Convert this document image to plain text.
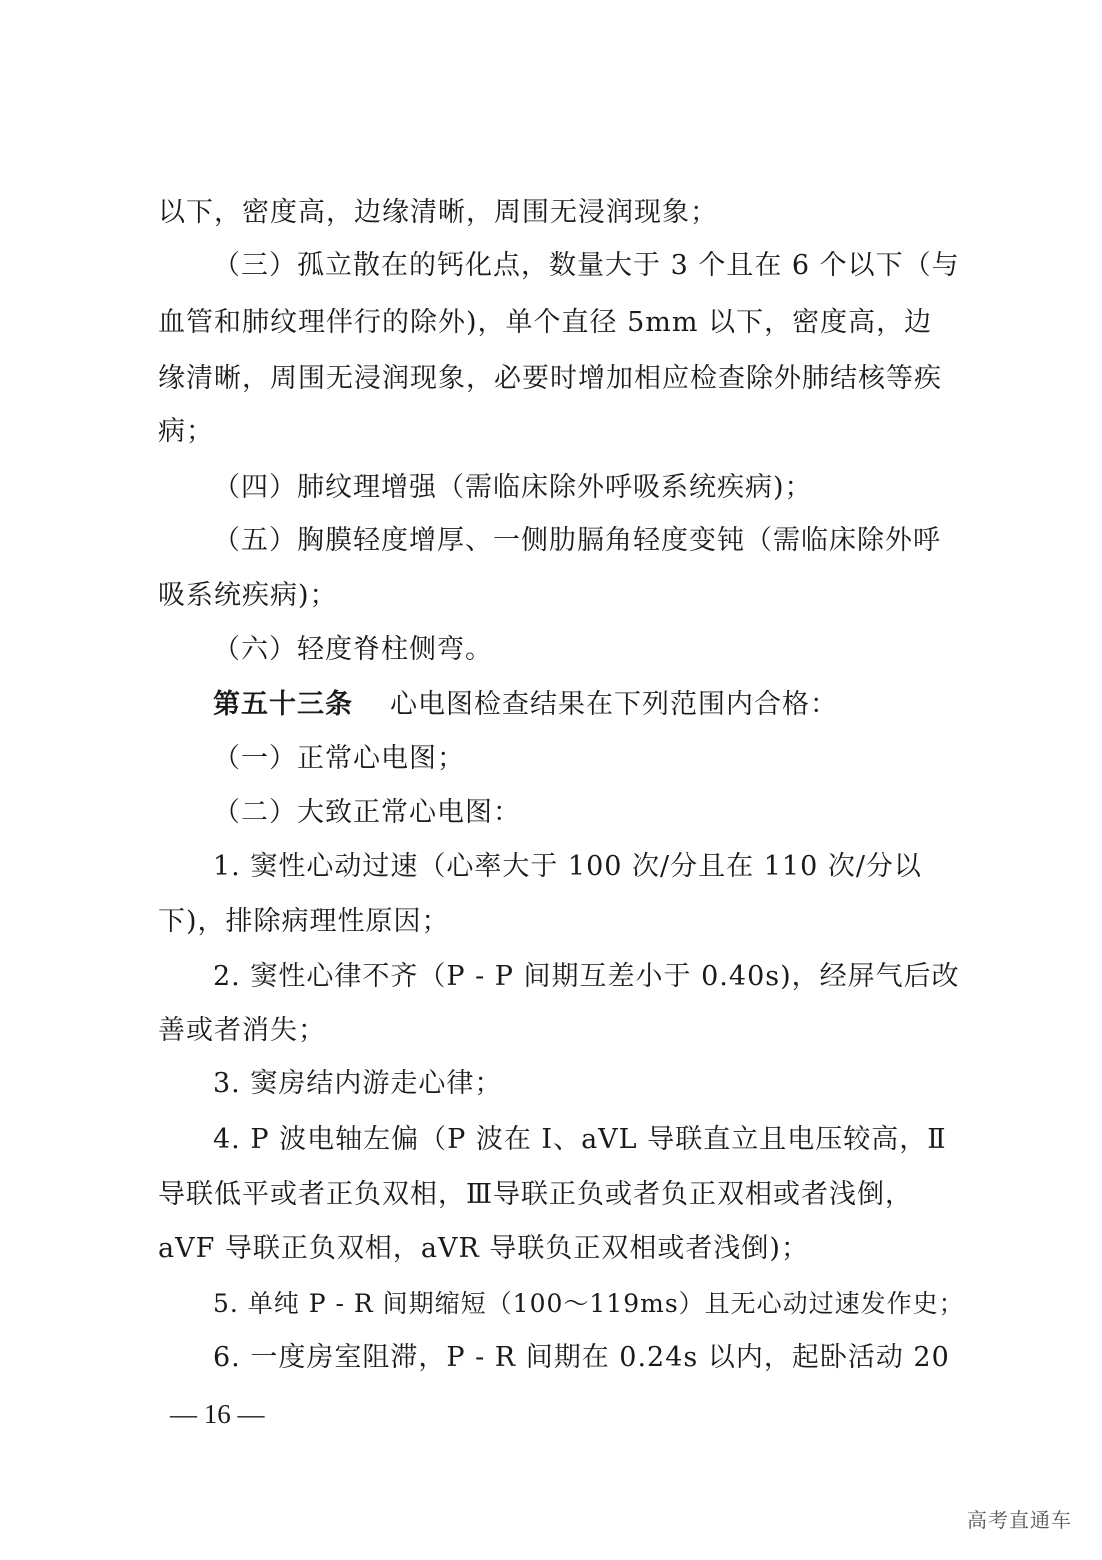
以下，密度高，边缘清晰，周围无浸润现象；
（三）孤立散在的钙化点，数量大于 3 个且在 6 个以下（与
血管和肺纹理伴行的除外)，单个直径 5mm 以下，密度高，边
缘清晰，周围无浸润现象，必要时增加相应检查除外肺结核等疾
病；
（四）肺纹理增强（需临床除外呼吸系统疾病)；
（五）胸膜轻度增厚、一侧肋膈角轻度变钝（需临床除外呼
吸系统疾病)；
（六）轻度脊柱侧弯。
第五十三条 心电图检查结果在下列范围内合格：
（一）正常心电图；
（二）大致正常心电图：
1. 窦性心动过速（心率大于 100 次/分且在 110 次/分以
下)，排除病理性原因；
2. 窦性心律不齐（P - P 间期互差小于 0.40s)，经屏气后改
善或者消失；
3. 窦房结内游走心律；
4. P 波电轴左偏（P 波在 I、aVL 导联直立且电压较高，Ⅱ
导联低平或者正负双相，Ⅲ导联正负或者负正双相或者浅倒，
aVF 导联正负双相，aVR 导联负正双相或者浅倒)；
5. 单纯 P - R 间期缩短（100～119ms）且无心动过速发作史；
6. 一度房室阻滞，P - R 间期在 0.24s 以内，起卧活动 20
— 16 —
高考直通车
